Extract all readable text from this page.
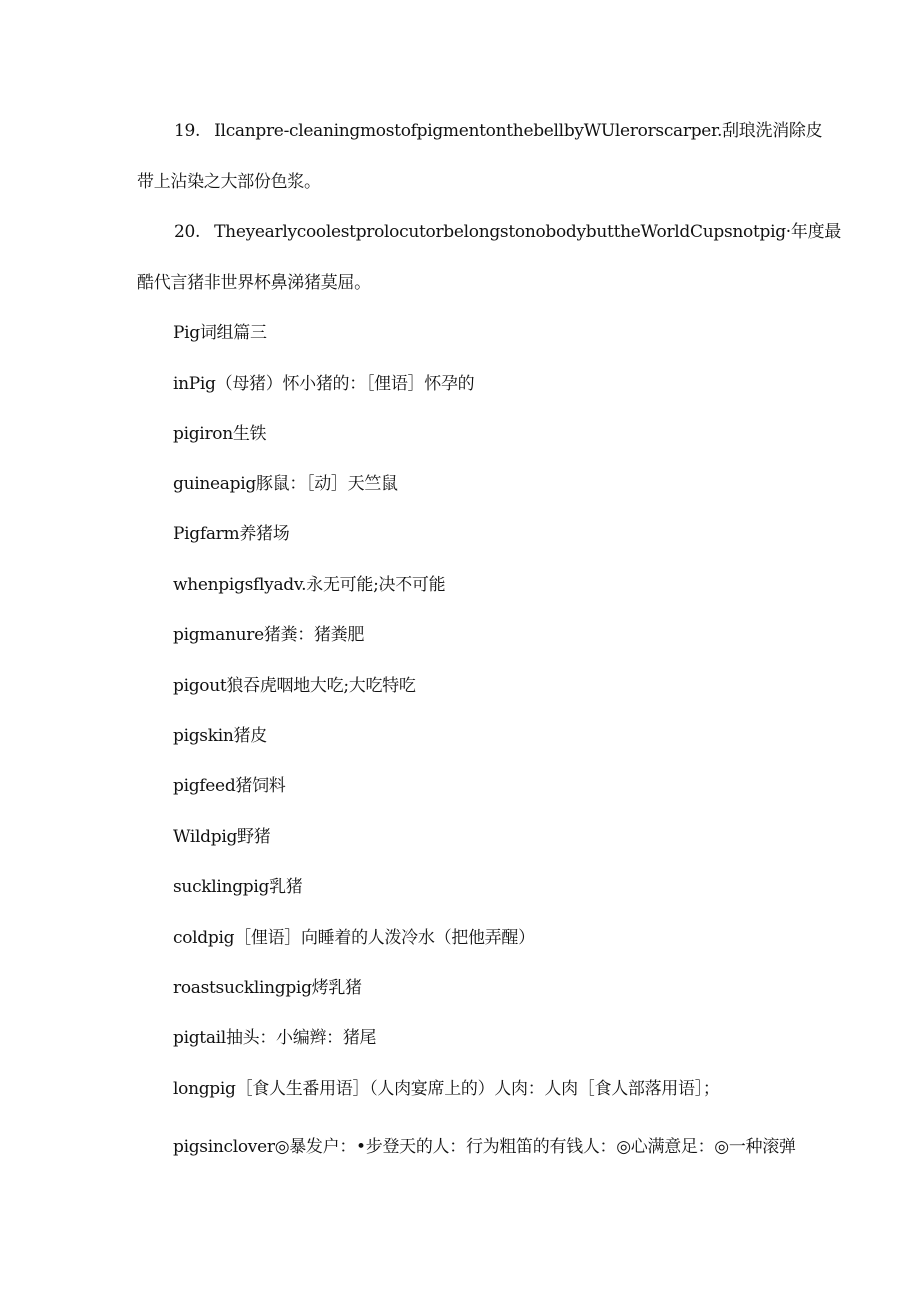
19. Ilcanpre-cleaningmostofpigmentonthebellbyWUlerorscarper.刮琅洗消除皮
带上沾染之大部份色浆。
20. TheyearlycoolestprolocutorbelongstonobodybuttheWorldCupsnotpig·年度最
酷代言猪非世界杯鼻涕猪莫屈。
Pig词组篇三
inPig（母猪）怀小猪的：［俚语］怀孕的
pigiron生铁
guineapig豚鼠：［动］天竺鼠
Pigfarm养猪场
whenpigsflyadv.永无可能;决不可能
pigmanure猪粪：猪粪肥
pigout狼吞虎咽地大吃;大吃特吃
pigskin猪皮
pigfeed猪饲料
Wildpig野猪
sucklingpig乳猪
coldpig［俚语］向睡着的人泼冷水（把他弄醒）
roastsucklingpig烤乳猪
pigtail抽头：小编辫：猪尾
longpig［食人生番用语］（人肉宴席上的）人肉：人肉［食人部落用语］；
pigsinclover◎暴发户：•步登天的人：行为粗笛的有钱人：◎心满意足：◎一种滚弹
